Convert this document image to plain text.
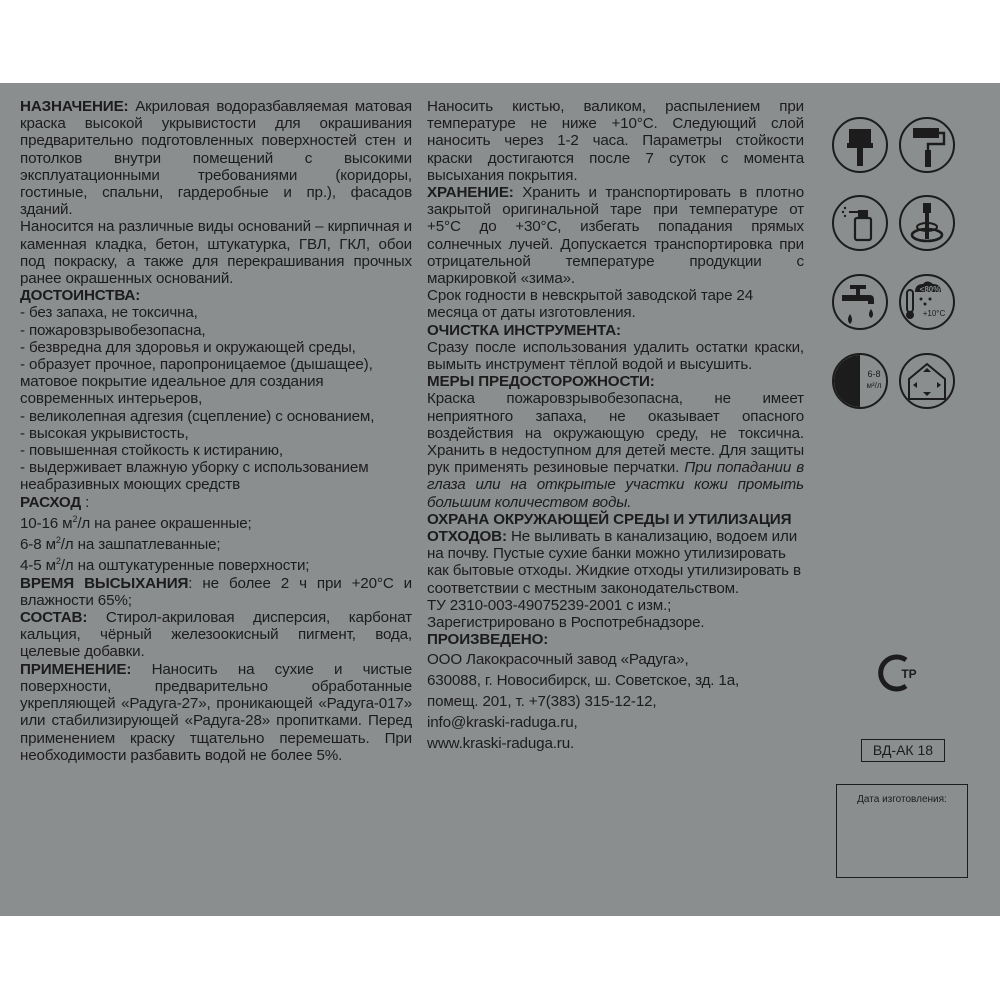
НАЗНАЧЕНИЕ: Акриловая водоразбавляемая матовая краска высокой укрывистости для окрашивания предварительно подготовленных поверхностей стен и потолков внутри помещений с высокими эксплуатационными требованиями (коридоры, гостиные, спальни, гардеробные и пр.), фасадов зданий.

Наносится на различные виды оснований – кирпичная и каменная кладка, бетон, штукатурка, ГВЛ, ГКЛ, обои под покраску, а также для перекрашивания прочных ранее окрашенных оснований.

ДОСТОИНСТВА:

- без запаха, не токсична,

- пожаровзрывобезопасна,

- безвредна для здоровья и окружающей среды,

- образует прочное, паропроницаемое (дышащее), матовое покрытие идеальное для создания современных интерьеров,

- великолепная адгезия (сцепление) с основанием,

- высокая укрывистость,

- повышенная стойкость к истиранию,

- выдерживает влажную уборку с использованием неабразивных моющих средств

РАСХОД :

10-16 $м^2/л$ на ранее окрашенные;

6-8 $м^2/л$ на зашпатлеванные;

4-5 $м^2/л$ на оштукатуренные поверхности;

ВРЕМЯ ВЫСЫХАНИЯ: не более 2 ч при +20°С и влажности 65%;

СОСТАВ: Стирол-акриловая дисперсия, карбонат кальция, чёрный железоокисный пигмент, вода, целевые добавки.

ПРИМЕНЕНИЕ: Наносить на сухие и чистые поверхности, предварительно обработанные укрепляющей «Радуга-27», проникающей «Радуга-017» или стабилизирующей «Радуга-28» пропитками. Перед применением краску тщательно перемешать. При необходимости разбавить водой не более 5%.

Наносить кистью, валиком, распылением при температуре не ниже +10°С. Следующий слой наносить через 1-2 часа. Параметры стойкости краски достигаются после 7 суток с момента высыхания покрытия.

ХРАНЕНИЕ: Хранить и транспортировать в плотно закрытой оригинальной таре при температуре от +5°С до +30°С, избегать попадания прямых солнечных лучей. Допускается транспортировка при отрицательной температуре продукции с маркировкой «зима».

Срок годности в невскрытой заводской таре 24 месяца от даты изготовления.

ОЧИСТКА ИНСТРУМЕНТА:

Сразу после использования удалить остатки краски, вымыть инструмент тёплой водой и высушить.

МЕРЫ ПРЕДОСТОРОЖНОСТИ:

Краска пожаровзрывобезопасна, не имеет неприятного запаха, не оказывает опасного воздействия на окружающую среду, не токсична. Хранить в недоступном для детей месте. Для защиты рук применять резиновые перчатки. При попадании в глаза или на открытые участки кожи промыть большим количеством воды.

ОХРАНА ОКРУЖАЮЩЕЙ СРЕДЫ И УТИЛИЗАЦИЯ ОТХОДОВ: Не выливать в канализацию, водоем или на почву. Пустые сухие банки можно утилизировать как бытовые отходы. Жидкие отходы утилизировать в соответствии с местным законодательством.

ТУ 2310-003-49075239-2001 с изм.;

Зарегистрировано в Роспотребнадзоре.

ПРОИЗВЕДЕНО:

ООО Лакокрасочный завод «Радуга»,

630088, г. Новосибирск, ш. Советское, зд. 1а,

помещ. 201, т. +7(383) 315-12-12,

info@kraski-raduga.ru,

www.kraski-raduga.ru.

<80%
+10°С
6-8
м²/л
ТР
ВД-АК 18
Дата изготовления:
